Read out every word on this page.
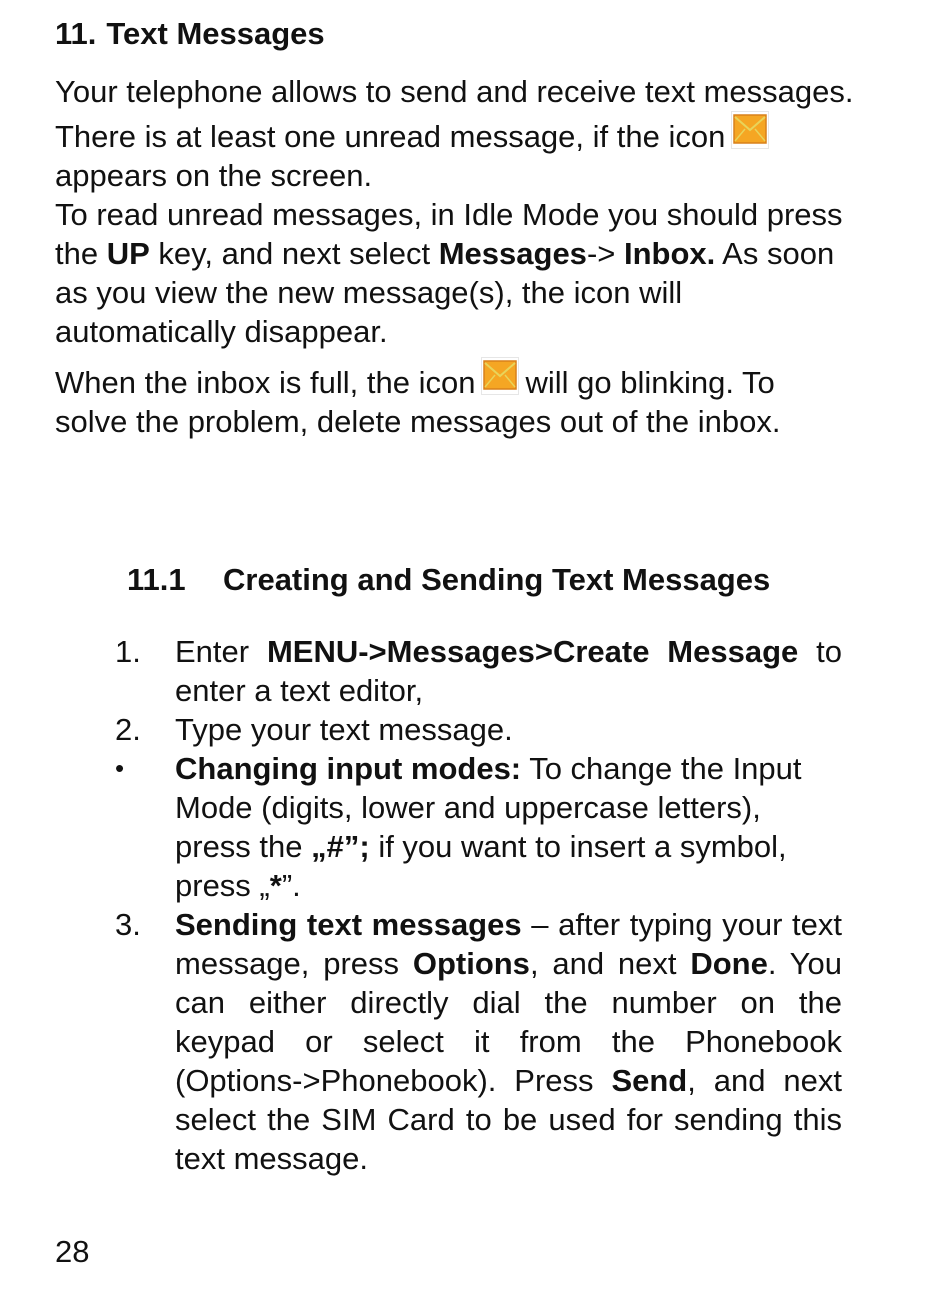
11. Text Messages

Your telephone allows to send and receive text messages. There is at least one unread message, if the iconappears on the screen.

To read unread messages, in Idle Mode you should press the UP key, and next select Messages-> Inbox. As soon as you view the new message(s), the icon will automatically disappear.

When the inbox is full, the icon will go blinking. To solve the problem, delete messages out of the inbox.

11.1 Creating and Sending Text Messages
1.	Enter MENU->Messages>Create Message to enter a text editor,
2.	Type your text message.
•	Changing input modes: To change the Input Mode (digits, lower and uppercase letters), press the „#”; if you want to insert a symbol, press „*”.
3.	Sending text messages – after typing your text message, press Options, and next Done. You can either directly dial the number on the keypad or select it from the Phonebook (Options->Phonebook). Press Send, and next select the SIM Card to be used for sending this text message.
28
